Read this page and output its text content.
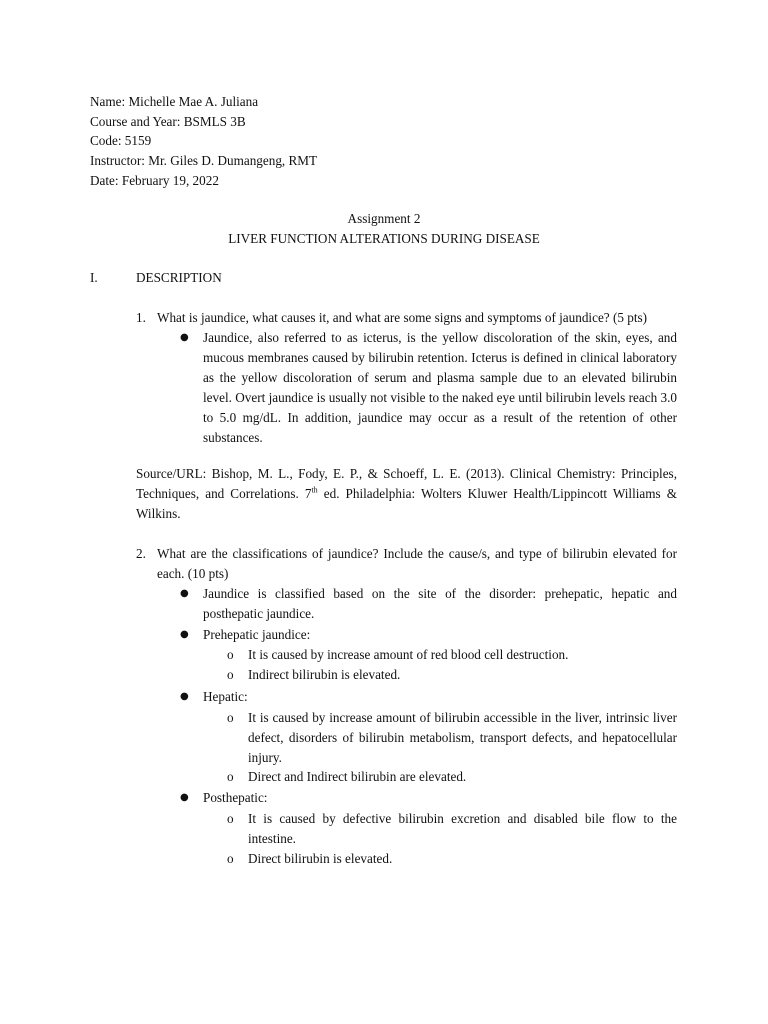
Name: Michelle Mae A. Juliana
Course and Year: BSMLS 3B
Code: 5159
Instructor: Mr. Giles D. Dumangeng, RMT
Date: February 19, 2022
Assignment 2
LIVER FUNCTION ALTERATIONS DURING DISEASE
I.	DESCRIPTION
1. What is jaundice, what causes it, and what are some signs and symptoms of jaundice? (5 pts)
● Jaundice, also referred to as icterus, is the yellow discoloration of the skin, eyes, and mucous membranes caused by bilirubin retention. Icterus is defined in clinical laboratory as the yellow discoloration of serum and plasma sample due to an elevated bilirubin level. Overt jaundice is usually not visible to the naked eye until bilirubin levels reach 3.0 to 5.0 mg/dL. In addition, jaundice may occur as a result of the retention of other substances.
Source/URL: Bishop, M. L., Fody, E. P., & Schoeff, L. E. (2013). Clinical Chemistry: Principles, Techniques, and Correlations. 7th ed. Philadelphia: Wolters Kluwer Health/Lippincott Williams & Wilkins.
2. What are the classifications of jaundice? Include the cause/s, and type of bilirubin elevated for each. (10 pts)
● Jaundice is classified based on the site of the disorder: prehepatic, hepatic and posthepatic jaundice.
● Prehepatic jaundice:
o It is caused by increase amount of red blood cell destruction.
o Indirect bilirubin is elevated.
● Hepatic:
o It is caused by increase amount of bilirubin accessible in the liver, intrinsic liver defect, disorders of bilirubin metabolism, transport defects, and hepatocellular injury.
o Direct and Indirect bilirubin are elevated.
● Posthepatic:
o It is caused by defective bilirubin excretion and disabled bile flow to the intestine.
o Direct bilirubin is elevated.
